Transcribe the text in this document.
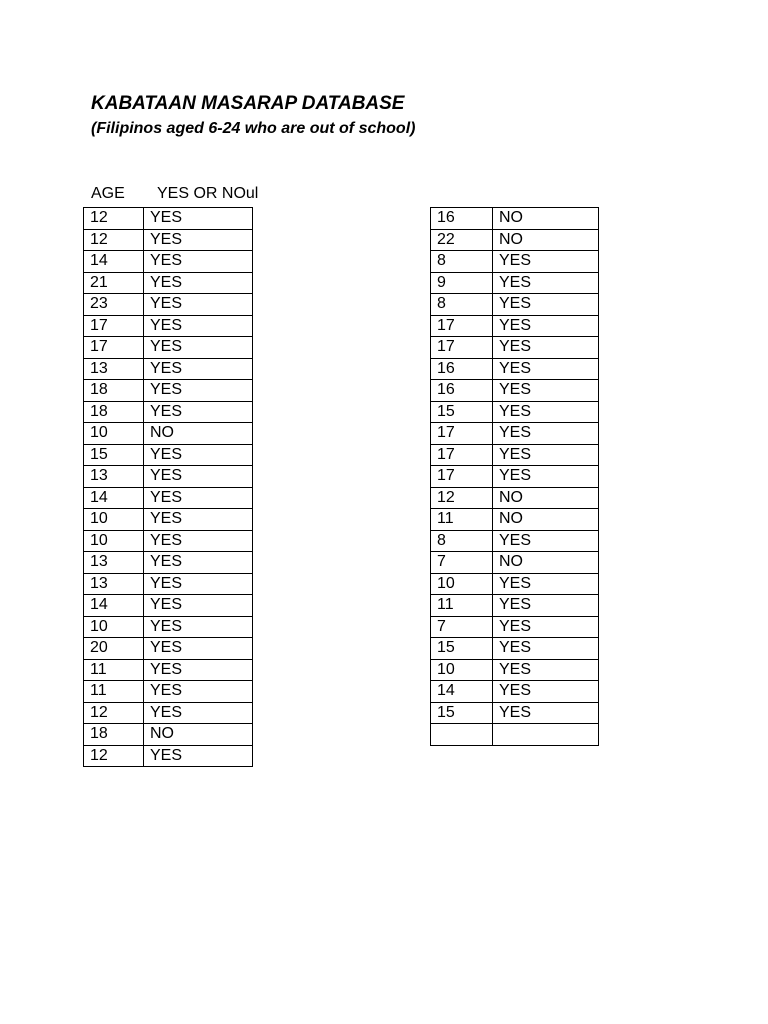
KABATAAN MASARAP DATABASE
(Filipinos aged 6-24 who are out of school)
AGE YES OR NOul
12	YES
12	YES
14	YES
21	YES
23	YES
17	YES
17	YES
13	YES
18	YES
18	YES
10	NO
15	YES
13	YES
14	YES
10	YES
10	YES
13	YES
13	YES
14	YES
10	YES
20	YES
11	YES
11	YES
12	YES
18	NO
12	YES
16	NO
22	NO
8	YES
9	YES
8	YES
17	YES
17	YES
16	YES
16	YES
15	YES
17	YES
17	YES
17	YES
12	NO
11	NO
8	YES
7	NO
10	YES
11	YES
7	YES
15	YES
10	YES
14	YES
15	YES
